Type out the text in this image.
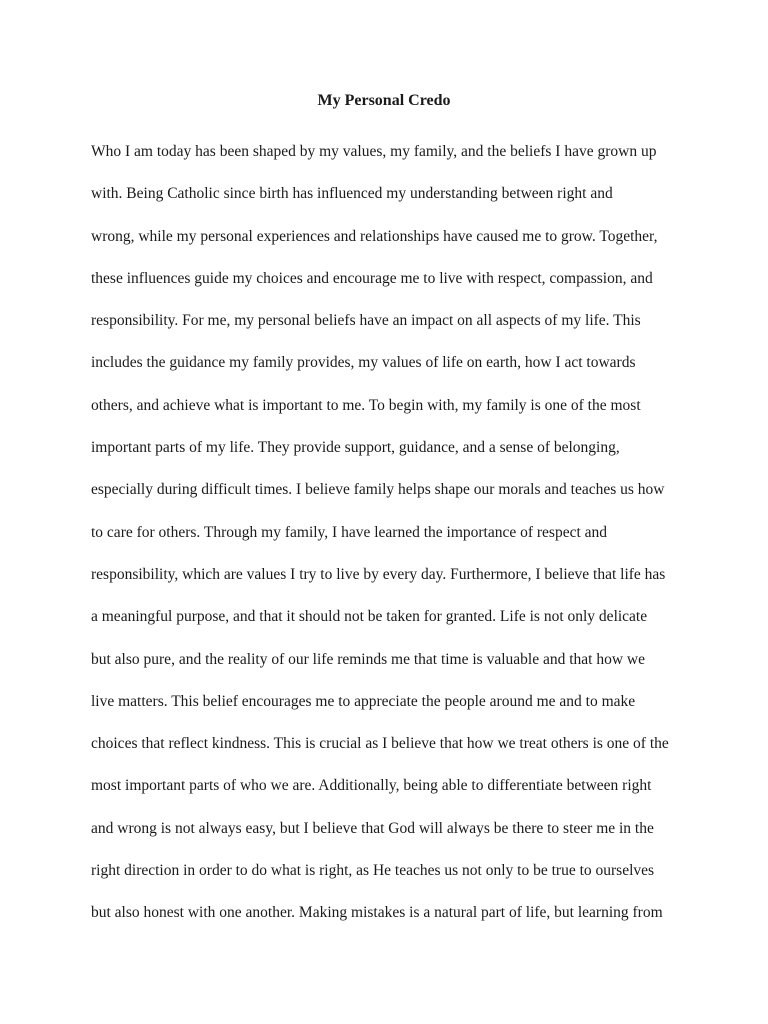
My Personal Credo
Who I am today has been shaped by my values, my family, and the beliefs I have grown up
with. Being Catholic since birth has influenced my understanding between right and
wrong, while my personal experiences and relationships have caused me to grow. Together,
these influences guide my choices and encourage me to live with respect, compassion, and
responsibility. For me, my personal beliefs have an impact on all aspects of my life. This
includes the guidance my family provides, my values of life on earth, how I act towards
others, and achieve what is important to me. To begin with, my family is one of the most
important parts of my life. They provide support, guidance, and a sense of belonging,
especially during difficult times. I believe family helps shape our morals and teaches us how
to care for others. Through my family, I have learned the importance of respect and
responsibility, which are values I try to live by every day. Furthermore, I believe that life has
a meaningful purpose, and that it should not be taken for granted. Life is not only delicate
but also pure, and the reality of our life reminds me that time is valuable and that how we
live matters. This belief encourages me to appreciate the people around me and to make
choices that reflect kindness. This is crucial as I believe that how we treat others is one of the
most important parts of who we are. Additionally, being able to differentiate between right
and wrong is not always easy, but I believe that God will always be there to steer me in the
right direction in order to do what is right, as He teaches us not only to be true to ourselves
but also honest with one another. Making mistakes is a natural part of life, but learning from
